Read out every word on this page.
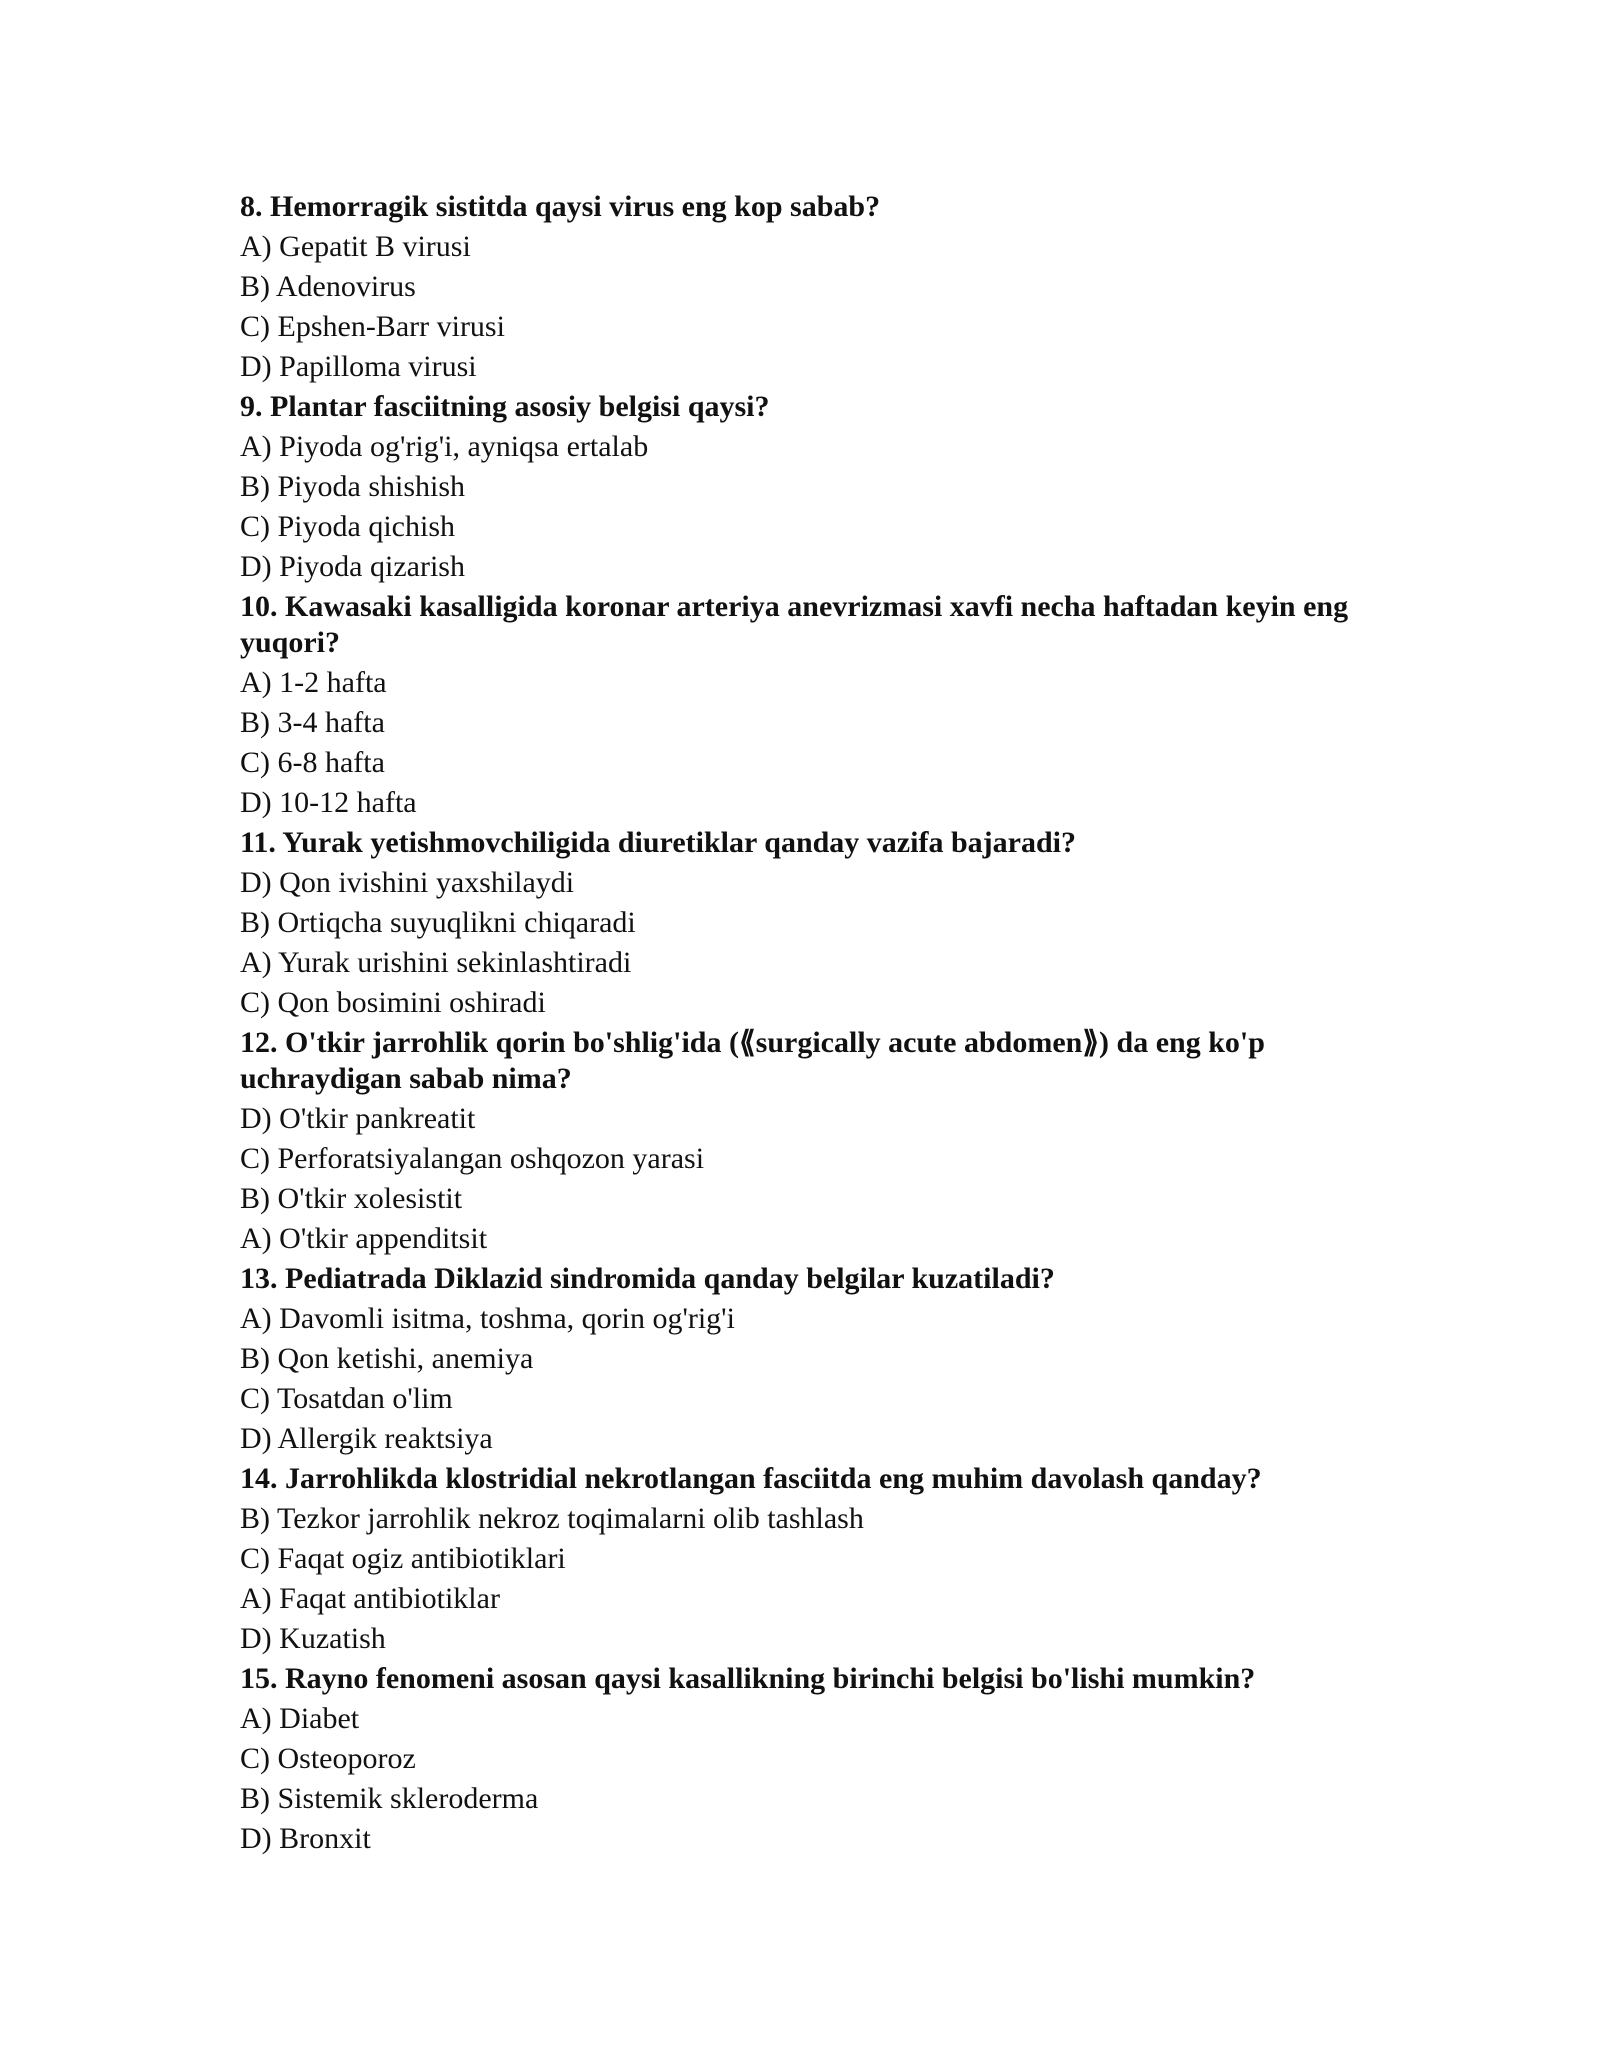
8. Hemorragik sistitda qaysi virus eng kop sabab?

A) Gepatit B virusi

B) Adenovirus

C) Epshen-Barr virusi

D) Papilloma virusi

9. Plantar fasciitning asosiy belgisi qaysi?

A) Piyoda og'rig'i, ayniqsa ertalab

B) Piyoda shishish

C) Piyoda qichish

D) Piyoda qizarish

10. Kawasaki kasalligida koronar arteriya anevrizmasi xavfi necha haftadan keyin eng yuqori?

A) 1-2 hafta

B) 3-4 hafta

C) 6-8 hafta

D) 10-12 hafta

11. Yurak yetishmovchiligida diuretiklar qanday vazifa bajaradi?

D) Qon ivishini yaxshilaydi

B) Ortiqcha suyuqlikni chiqaradi

A) Yurak urishini sekinlashtiradi

C) Qon bosimini oshiradi

12. O'tkir jarrohlik qorin bo'shlig'ida (⟪surgically acute abdomen⟫) da eng ko'p uchraydigan sabab nima?

D) O'tkir pankreatit

C) Perforatsiyalangan oshqozon yarasi

B) O'tkir xolesistit

A) O'tkir appenditsit

13. Pediatrada Diklazid sindromida qanday belgilar kuzatiladi?

A) Davomli isitma, toshma, qorin og'rig'i

B) Qon ketishi, anemiya

C) Tosatdan o'lim

D) Allergik reaktsiya

14. Jarrohlikda klostridial nekrotlangan fasciitda eng muhim davolash qanday?

B) Tezkor jarrohlik nekroz toqimalarni olib tashlash

C) Faqat ogiz antibiotiklari

A) Faqat antibiotiklar

D) Kuzatish

15. Rayno fenomeni asosan qaysi kasallikning birinchi belgisi bo'lishi mumkin?

A) Diabet

C) Osteoporoz

B) Sistemik skleroderma

D) Bronxit
